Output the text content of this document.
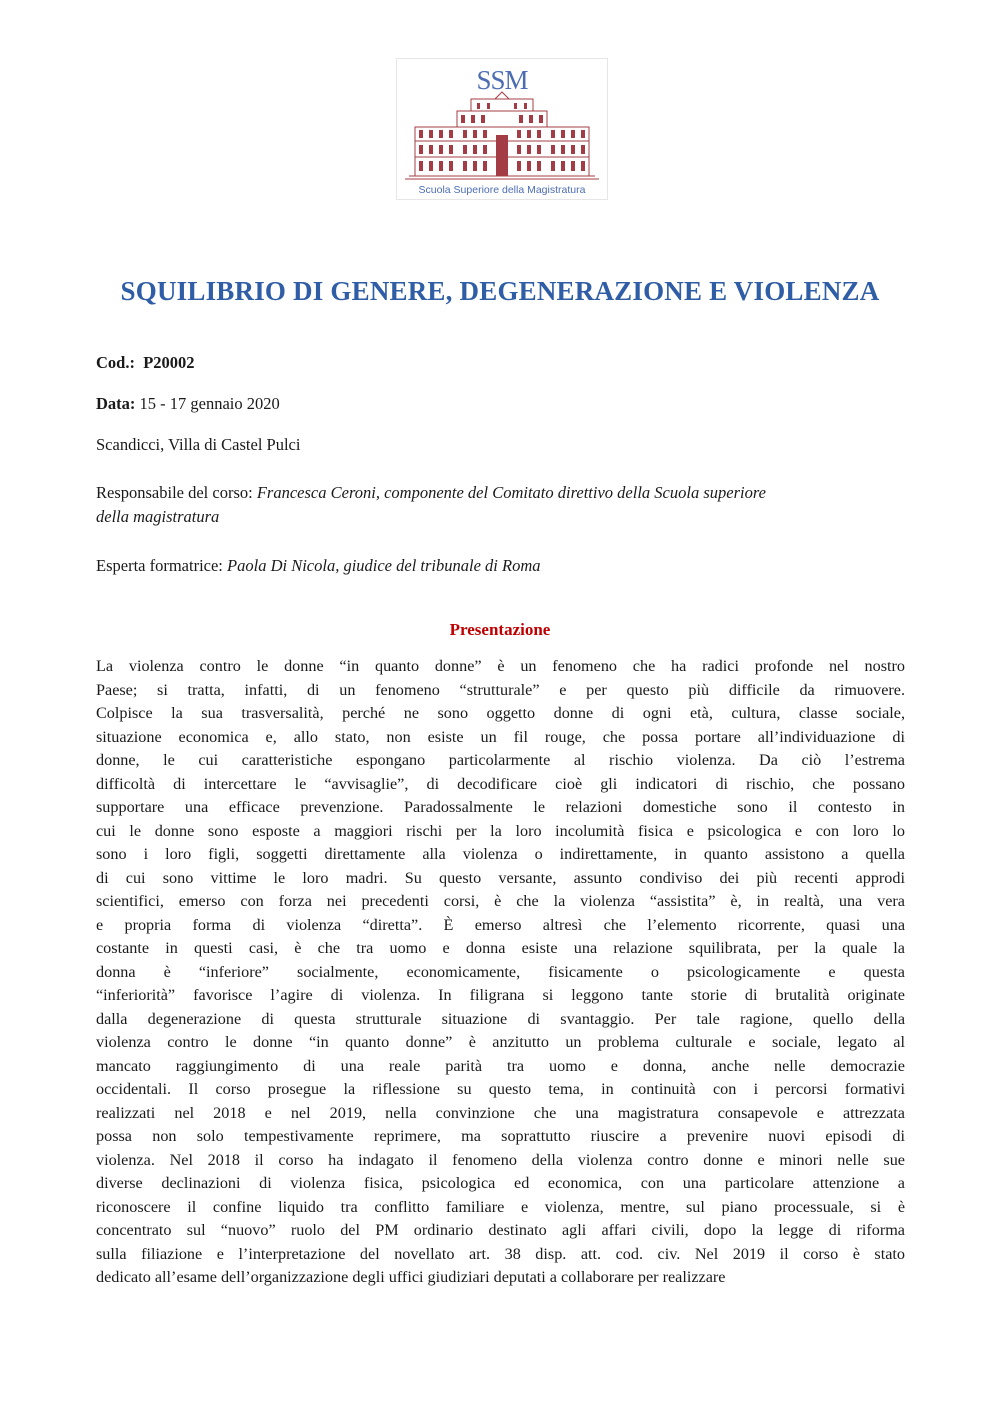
SSM
Scuola Superiore della Magistratura
SQUILIBRIO DI GENERE, DEGENERAZIONE E VIOLENZA
Cod.: P20002
Data: 15 - 17 gennaio 2020
Scandicci, Villa di Castel Pulci
Responsabile del corso: Francesca Ceroni, componente del Comitato direttivo della Scuola superiore
della magistratura
Esperta formatrice: Paola Di Nicola, giudice del tribunale di Roma
Presentazione
La violenza contro le donne “in quanto donne” è un fenomeno che ha radici profonde nel nostro
Paese; si tratta, infatti, di un fenomeno “strutturale” e per questo più difficile da rimuovere.
Colpisce la sua trasversalità, perché ne sono oggetto donne di ogni età, cultura, classe sociale,
situazione economica e, allo stato, non esiste un fil rouge, che possa portare all’individuazione di
donne, le cui caratteristiche espongano particolarmente al rischio violenza. Da ciò l’estrema
difficoltà di intercettare le “avvisaglie”, di decodificare cioè gli indicatori di rischio, che possano
supportare una efficace prevenzione. Paradossalmente le relazioni domestiche sono il contesto in
cui le donne sono esposte a maggiori rischi per la loro incolumità fisica e psicologica e con loro lo
sono i loro figli, soggetti direttamente alla violenza o indirettamente, in quanto assistono a quella
di cui sono vittime le loro madri. Su questo versante, assunto condiviso dei più recenti approdi
scientifici, emerso con forza nei precedenti corsi, è che la violenza “assistita” è, in realtà, una vera
e propria forma di violenza “diretta”. È emerso altresì che l’elemento ricorrente, quasi una
costante in questi casi, è che tra uomo e donna esiste una relazione squilibrata, per la quale la
donna è “inferiore” socialmente, economicamente, fisicamente o psicologicamente e questa
“inferiorità” favorisce l’agire di violenza. In filigrana si leggono tante storie di brutalità originate
dalla degenerazione di questa strutturale situazione di svantaggio. Per tale ragione, quello della
violenza contro le donne “in quanto donne” è anzitutto un problema culturale e sociale, legato al
mancato raggiungimento di una reale parità tra uomo e donna, anche nelle democrazie
occidentali. Il corso prosegue la riflessione su questo tema, in continuità con i percorsi formativi
realizzati nel 2018 e nel 2019, nella convinzione che una magistratura consapevole e attrezzata
possa non solo tempestivamente reprimere, ma soprattutto riuscire a prevenire nuovi episodi di
violenza. Nel 2018 il corso ha indagato il fenomeno della violenza contro donne e minori nelle sue
diverse declinazioni di violenza fisica, psicologica ed economica, con una particolare attenzione a
riconoscere il confine liquido tra conflitto familiare e violenza, mentre, sul piano processuale, si è
concentrato sul “nuovo” ruolo del PM ordinario destinato agli affari civili, dopo la legge di riforma
sulla filiazione e l’interpretazione del novellato art. 38 disp. att. cod. civ. Nel 2019 il corso è stato
dedicato all’esame dell’organizzazione degli uffici giudiziari deputati a collaborare per realizzare
